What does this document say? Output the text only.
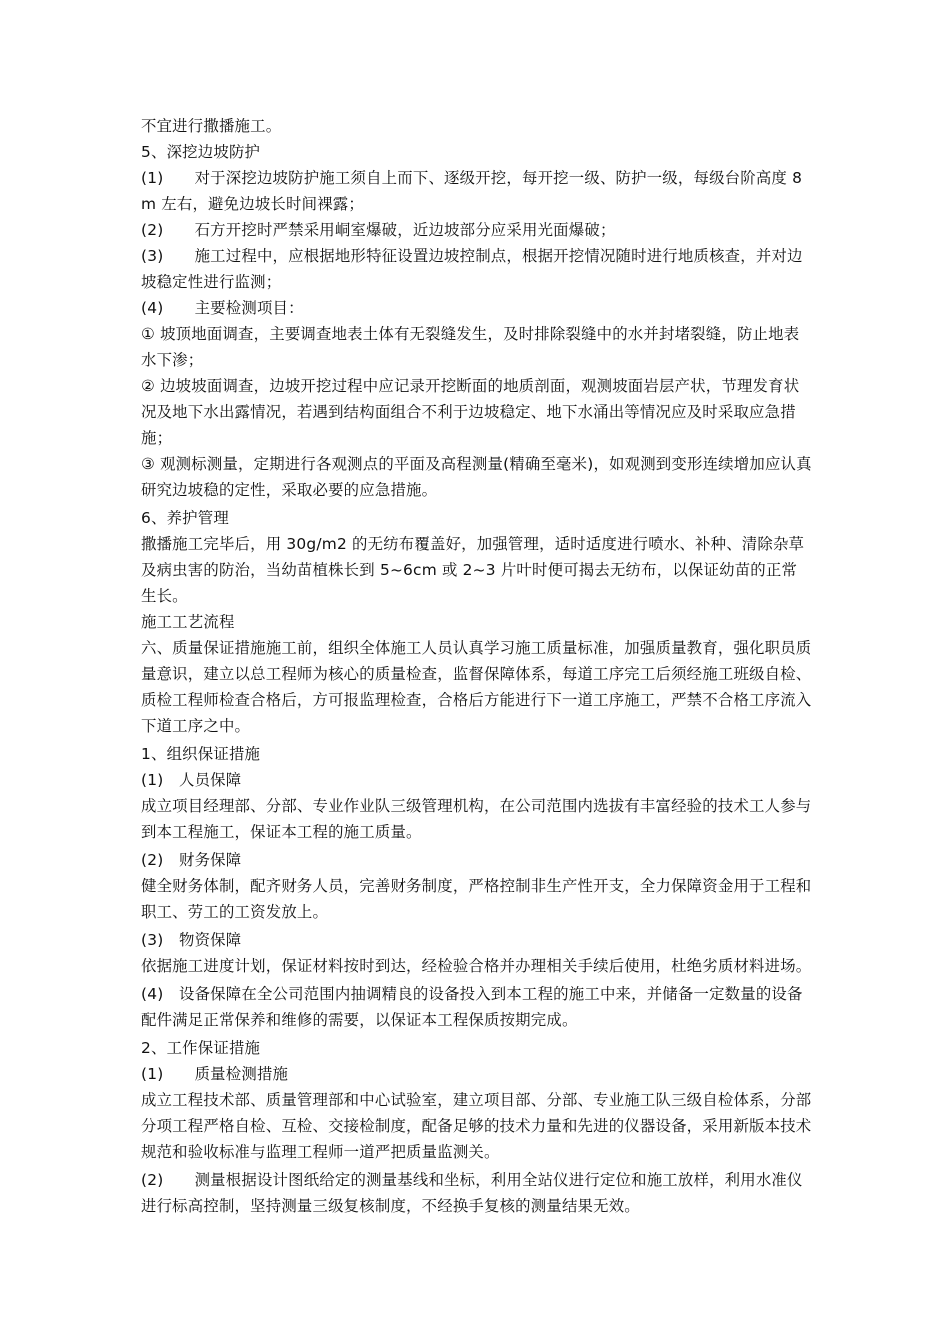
不宜进行撒播施工。

5、深挖边坡防护

(1)　　对于深挖边坡防护施工须自上而下、逐级开挖，每开挖一级、防护一级，每级台阶高度 8m 左右，避免边坡长时间裸露；

(2)　　石方开挖时严禁采用峒室爆破，近边坡部分应采用光面爆破；

(3)　　施工过程中，应根据地形特征设置边坡控制点，根据开挖情况随时进行地质核查，并对边坡稳定性进行监测；

(4)　　主要检测项目：

① 坡顶地面调查，主要调查地表土体有无裂缝发生，及时排除裂缝中的水并封堵裂缝，防止地表水下渗；

② 边坡坡面调查，边坡开挖过程中应记录开挖断面的地质剖面，观测坡面岩层产状，节理发育状况及地下水出露情况，若遇到结构面组合不利于边坡稳定、地下水涌出等情况应及时采取应急措施；

③ 观测标测量，定期进行各观测点的平面及高程测量(精确至毫米)，如观测到变形连续增加应认真研究边坡稳的定性，采取必要的应急措施。

6、养护管理

撒播施工完毕后，用 30g/m2 的无纺布覆盖好，加强管理，适时适度进行喷水、补种、清除杂草及病虫害的防治，当幼苗植株长到 5~6cm 或 2~3 片叶时便可揭去无纺布，以保证幼苗的正常生长。

施工工艺流程

六、质量保证措施施工前，组织全体施工人员认真学习施工质量标准，加强质量教育，强化职员质量意识，建立以总工程师为核心的质量检查，监督保障体系，每道工序完工后须经施工班级自检、质检工程师检查合格后，方可报监理检查，合格后方能进行下一道工序施工，严禁不合格工序流入下道工序之中。

1、组织保证措施

(1)　人员保障

成立项目经理部、分部、专业作业队三级管理机构，在公司范围内选拔有丰富经验的技术工人参与到本工程施工，保证本工程的施工质量。

(2)　财务保障

健全财务体制，配齐财务人员，完善财务制度，严格控制非生产性开支，全力保障资金用于工程和职工、劳工的工资发放上。

(3)　物资保障

依据施工进度计划，保证材料按时到达，经检验合格并办理相关手续后使用，杜绝劣质材料进场。

(4)　设备保障在全公司范围内抽调精良的设备投入到本工程的施工中来，并储备一定数量的设备配件满足正常保养和维修的需要，以保证本工程保质按期完成。

2、工作保证措施

(1)　　质量检测措施

成立工程技术部、质量管理部和中心试验室，建立项目部、分部、专业施工队三级自检体系，分部分项工程严格自检、互检、交接检制度，配备足够的技术力量和先进的仪器设备，采用新版本技术规范和验收标准与监理工程师一道严把质量监测关。

(2)　　测量根据设计图纸给定的测量基线和坐标，利用全站仪进行定位和施工放样，利用水准仪进行标高控制，坚持测量三级复核制度，不经换手复核的测量结果无效。
